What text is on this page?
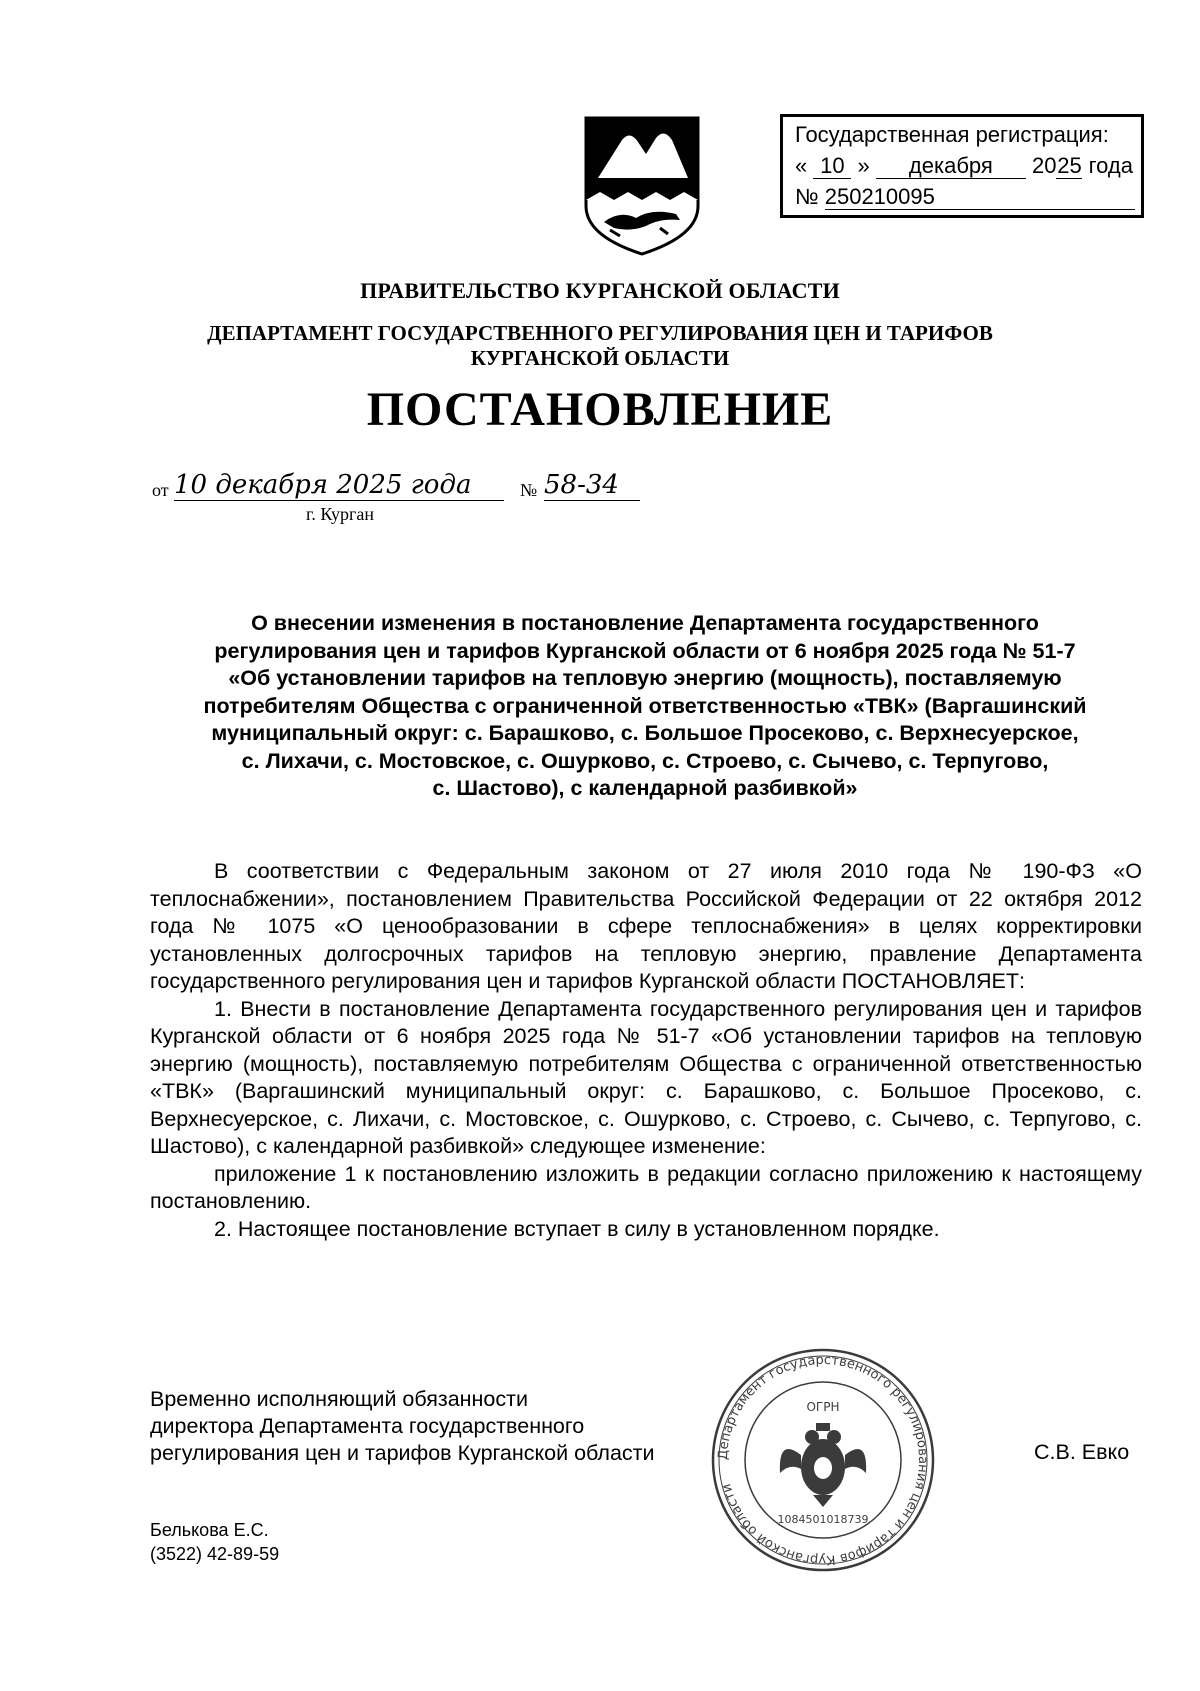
Государственная регистрация:
« 10 » декабря 2025 года
№ 250210095
ПРАВИТЕЛЬСТВО КУРГАНСКОЙ ОБЛАСТИ
ДЕПАРТАМЕНТ ГОСУДАРСТВЕННОГО РЕГУЛИРОВАНИЯ ЦЕН И ТАРИФОВ
КУРГАНСКОЙ ОБЛАСТИ
ПОСТАНОВЛЕНИЕ
от 10 декабря 2025 года	№ 58-34
г. Курган
О внесении изменения в постановление Департамента государственного
регулирования цен и тарифов Курганской области от 6 ноября 2025 года № 51-7
«Об установлении тарифов на тепловую энергию (мощность), поставляемую
потребителям Общества с ограниченной ответственностью «ТВК» (Варгашинский
муниципальный округ: с. Барашково, с. Большое Просеково, с. Верхнесуерское,
с. Лихачи, с. Мостовское, с. Ошурково, с. Строево, с. Сычево, с. Терпугово,
с. Шастово), с календарной разбивкой»

В соответствии с Федеральным законом от 27 июля 2010 года № 190-ФЗ «О теплоснабжении», постановлением Правительства Российской Федерации от 22 октября 2012 года № 1075 «О ценообразовании в сфере теплоснабжения» в целях корректировки установленных долгосрочных тарифов на тепловую энергию, правление Департамента государственного регулирования цен и тарифов Курганской области ПОСТАНОВЛЯЕТ:

1. Внести в постановление Департамента государственного регулирования цен и тарифов Курганской области от 6 ноября 2025 года № 51-7 «Об установлении тарифов на тепловую энергию (мощность), поставляемую потребителям Общества с ограниченной ответственностью «ТВК» (Варгашинский муниципальный округ: с. Барашково, с. Большое Просеково, с. Верхнесуерское, с. Лихачи, с. Мостовское, с. Ошурково, с. Строево, с. Сычево, с. Терпугово, с. Шастово), с календарной разбивкой» следующее изменение:

приложение 1 к постановлению изложить в редакции согласно приложению к настоящему постановлению.

2. Настоящее постановление вступает в силу в установленном порядке.

Департамент государственного регулирования цен и тарифов Курганской области
ОГРН
1084501018739
Временно исполняющий обязанности
директора Департамента государственного
регулирования цен и тарифов Курганской области	С.В. Евко
Белькова Е.С.
(3522) 42-89-59
